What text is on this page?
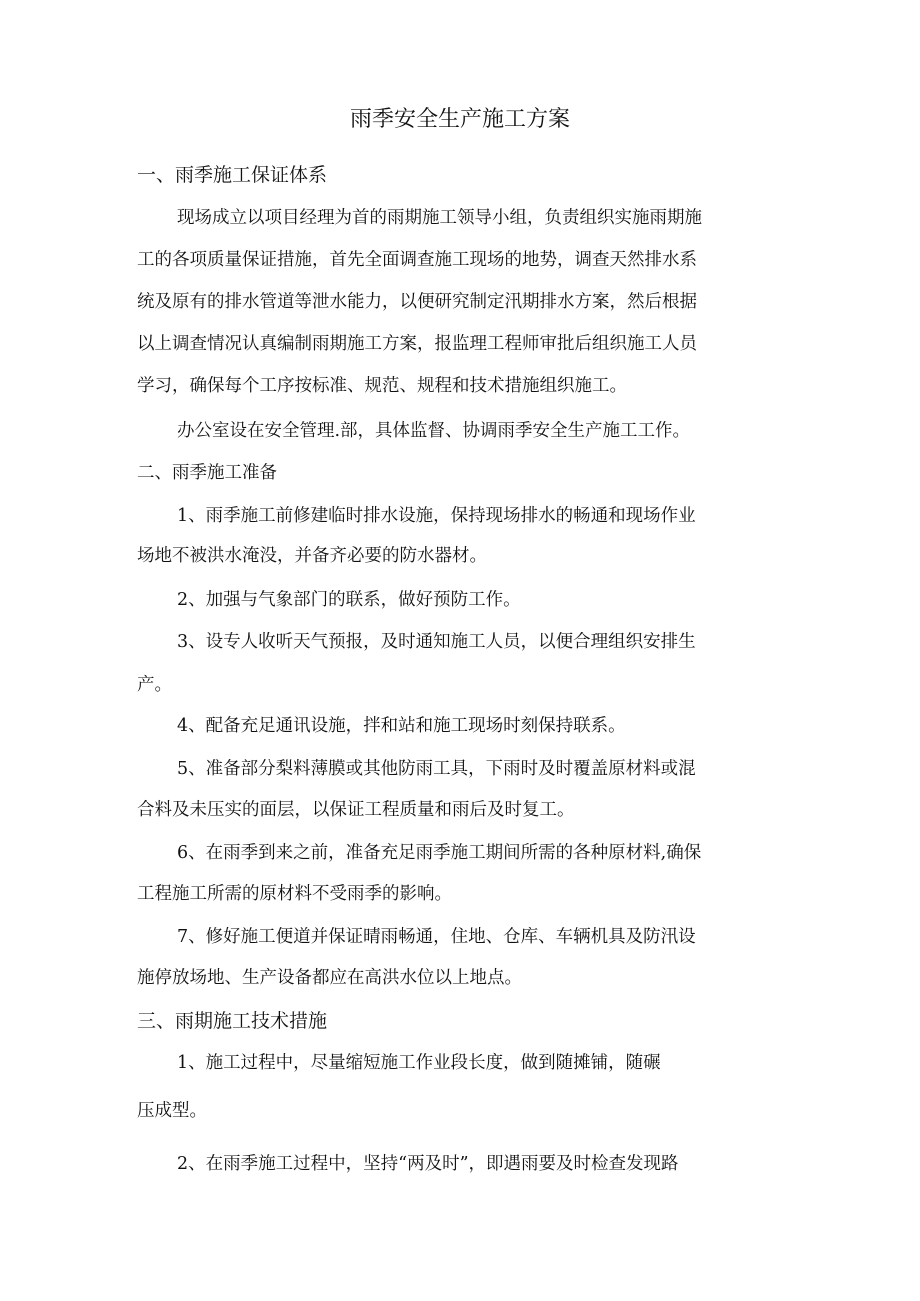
雨季安全生产施工方案
一、雨季施工保证体系
现场成立以项目经理为首的雨期施工领导小组，负责组织实施雨期施
工的各项质量保证措施，首先全面调查施工现场的地势，调查天然排水系
统及原有的排水管道等泄水能力，以便研究制定汛期排水方案，然后根据
以上调查情况认真编制雨期施工方案，报监理工程师审批后组织施工人员
学习，确保每个工序按标准、规范、规程和技术措施组织施工。
办公室设在安全管理.部，具体监督、协调雨季安全生产施工工作。
二、雨季施工准备
1、雨季施工前修建临时排水设施，保持现场排水的畅通和现场作业
场地不被洪水淹没，并备齐必要的防水器材。
2、加强与气象部门的联系，做好预防工作。
3、设专人收听天气预报，及时通知施工人员，以便合理组织安排生
产。
4、配备充足通讯设施，拌和站和施工现场时刻保持联系。
5、准备部分梨料薄膜或其他防雨工具，下雨时及时覆盖原材料或混
合料及未压实的面层，以保证工程质量和雨后及时复工。
6、在雨季到来之前，准备充足雨季施工期间所需的各种原材料,确保
工程施工所需的原材料不受雨季的影响。
7、修好施工便道并保证晴雨畅通，住地、仓库、车辆机具及防汛设
施停放场地、生产设备都应在高洪水位以上地点。
三、雨期施工技术措施
1、施工过程中，尽量缩短施工作业段长度，做到随摊铺，随碾
压成型。
2、在雨季施工过程中，坚持“两及时”，即遇雨要及时检查发现路
